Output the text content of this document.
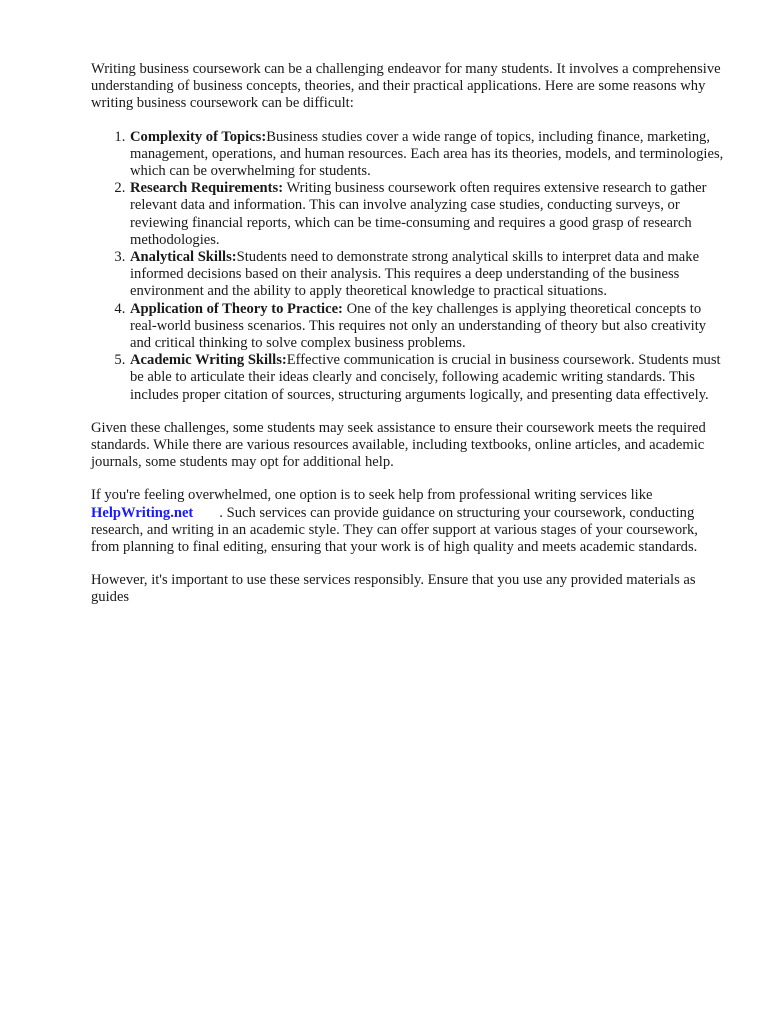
Writing business coursework can be a challenging endeavor for many students. It involves a comprehensive understanding of business concepts, theories, and their practical applications. Here are some reasons why writing business coursework can be difficult:

1. Complexity of Topics:Business studies cover a wide range of topics, including finance, marketing, management, operations, and human resources. Each area has its theories, models, and terminologies, which can be overwhelming for students.
2. Research Requirements: Writing business coursework often requires extensive research to gather relevant data and information. This can involve analyzing case studies, conducting surveys, or reviewing financial reports, which can be time-consuming and requires a good grasp of research methodologies.
3. Analytical Skills:Students need to demonstrate strong analytical skills to interpret data and make informed decisions based on their analysis. This requires a deep understanding of the business environment and the ability to apply theoretical knowledge to practical situations.
4. Application of Theory to Practice: One of the key challenges is applying theoretical concepts to real-world business scenarios. This requires not only an understanding of theory but also creativity and critical thinking to solve complex business problems.
5. Academic Writing Skills:Effective communication is crucial in business coursework. Students must be able to articulate their ideas clearly and concisely, following academic writing standards. This includes proper citation of sources, structuring arguments logically, and presenting data effectively.

Given these challenges, some students may seek assistance to ensure their coursework meets the required standards. While there are various resources available, including textbooks, online articles, and academic journals, some students may opt for additional help.

If you're feeling overwhelmed, one option is to seek help from professional writing services like HelpWriting.net . Such services can provide guidance on structuring your coursework, conducting research, and writing in an academic style. They can offer support at various stages of your coursework, from planning to final editing, ensuring that your work is of high quality and meets academic standards.

However, it's important to use these services responsibly. Ensure that you use any provided materials as guides
